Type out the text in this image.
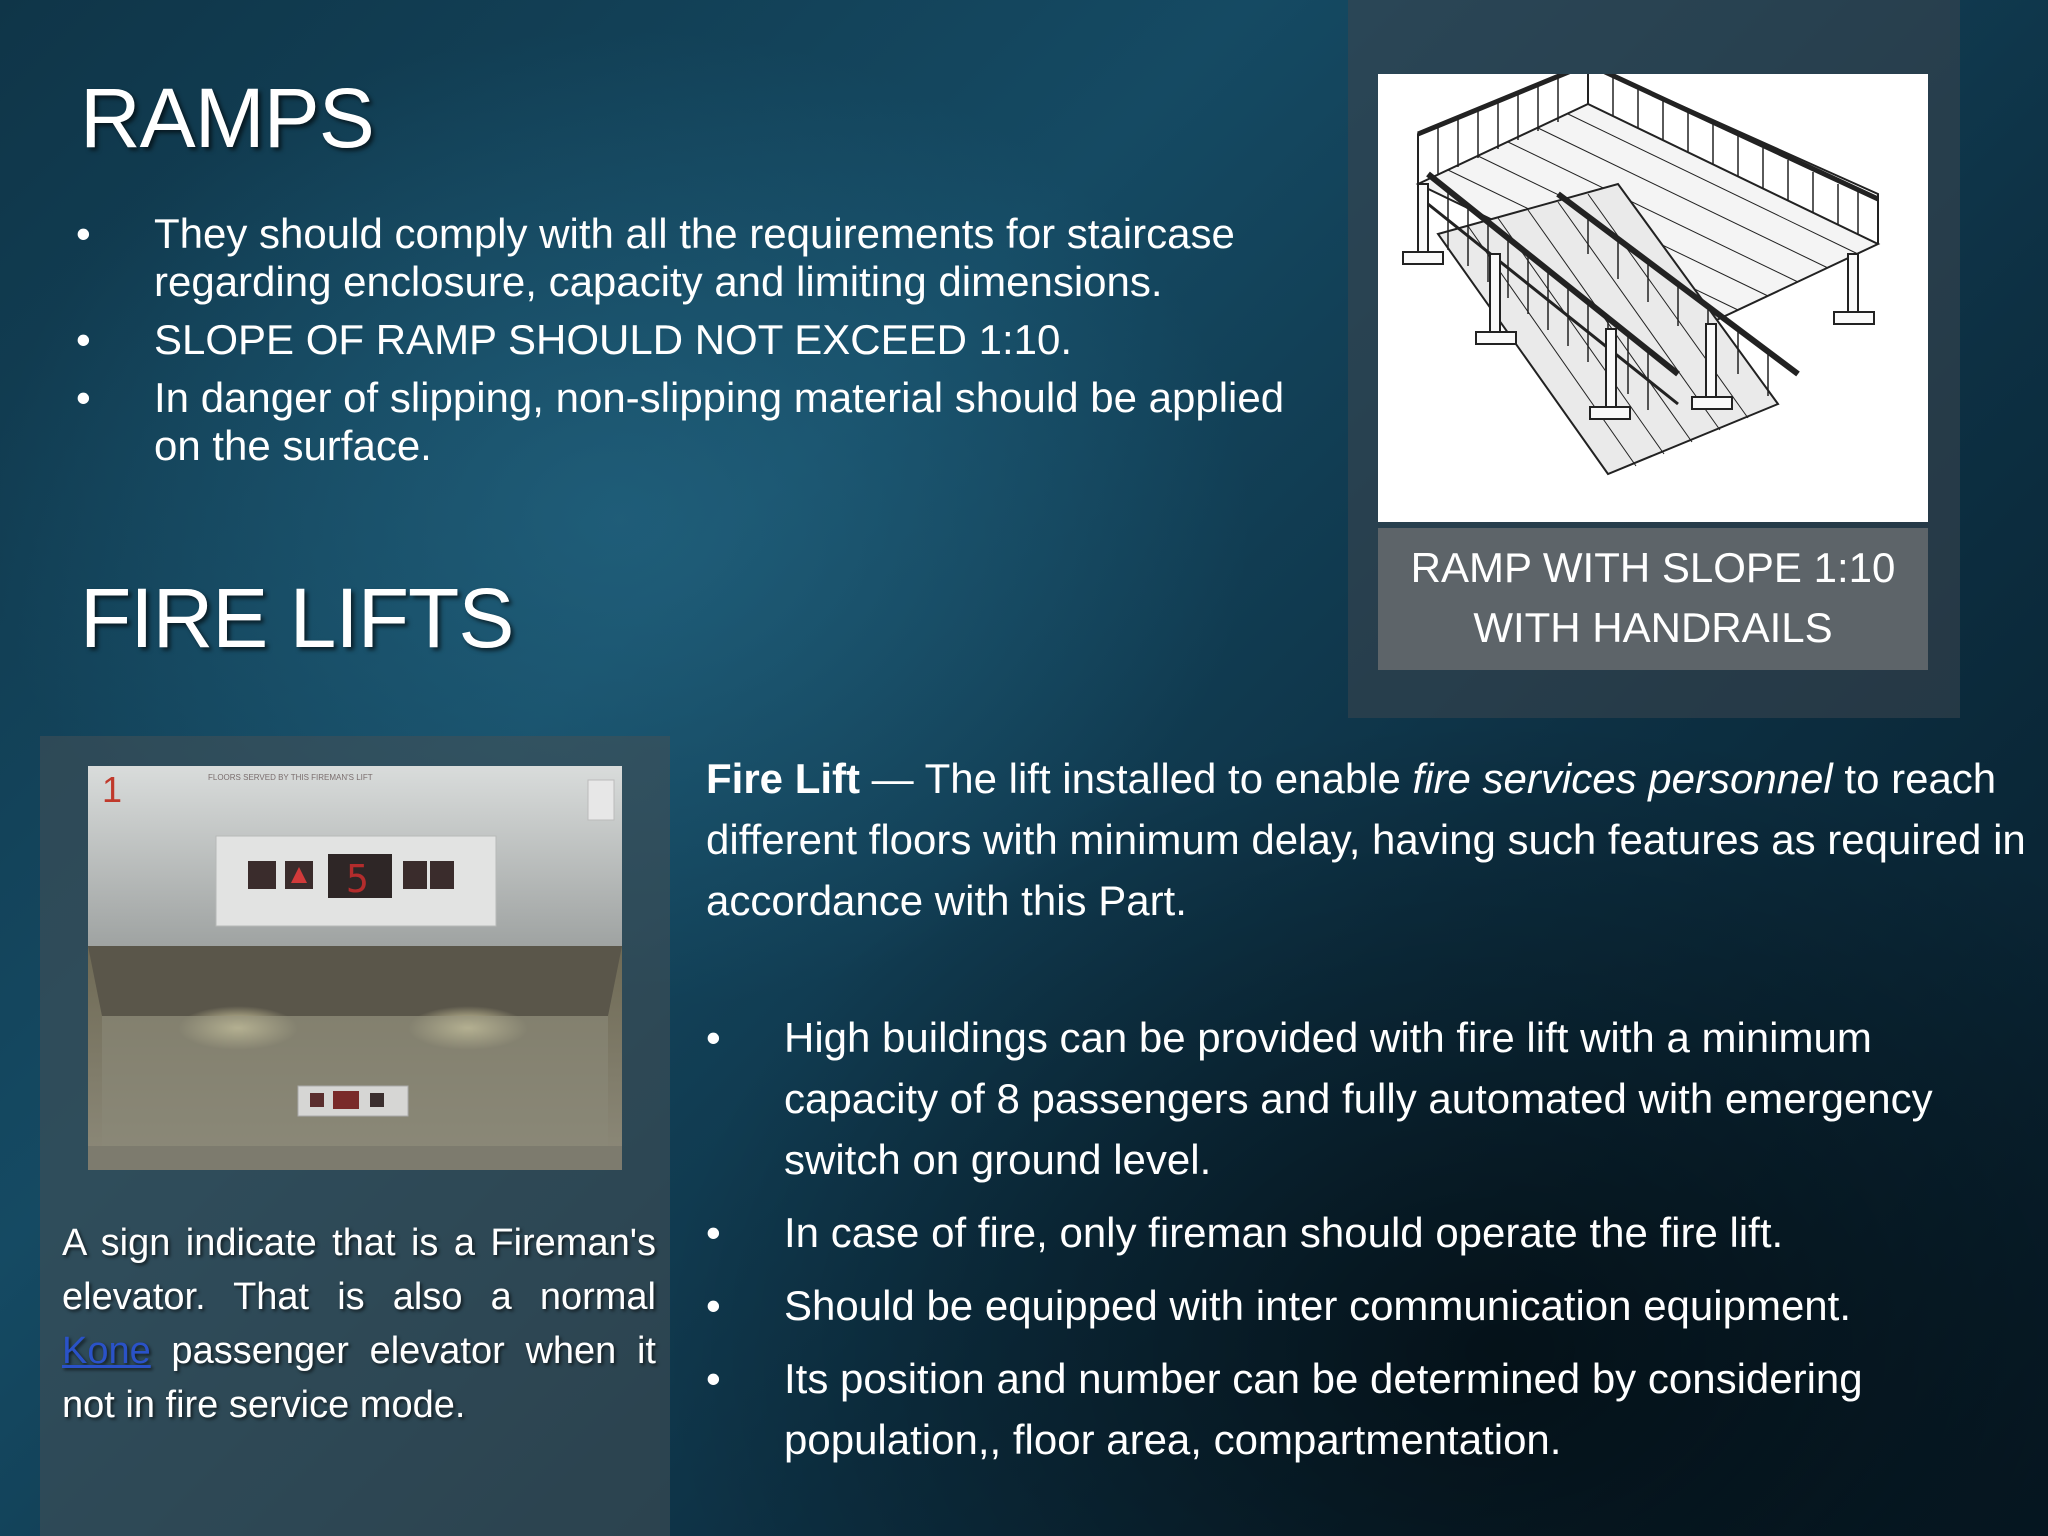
RAMPS
• They should comply with all the requirements for staircase regarding enclosure, capacity and limiting dimensions.
• SLOPE OF RAMP SHOULD NOT EXCEED 1:10.
• In danger of slipping, non-slipping material should be applied on the surface.
FIRE LIFTS
RAMP WITH SLOPE 1:10
WITH HANDRAILS
1	FLOORS SERVED BY THIS FIREMAN'S LIFT
5
A sign indicate that is a Fireman's elevator. That is also a normal Kone passenger elevator when it not in fire service mode.
Fire Lift — The lift installed to enable fire services personnel to reach different floors with minimum delay, having such features as required in accordance with this Part.
• High buildings can be provided with fire lift with a minimum capacity of 8 passengers and fully automated with emergency switch on ground level.
• In case of fire, only fireman should operate the fire lift.
• Should be equipped with inter communication equipment.
• Its position and number can be determined by considering population,, floor area, compartmentation.
